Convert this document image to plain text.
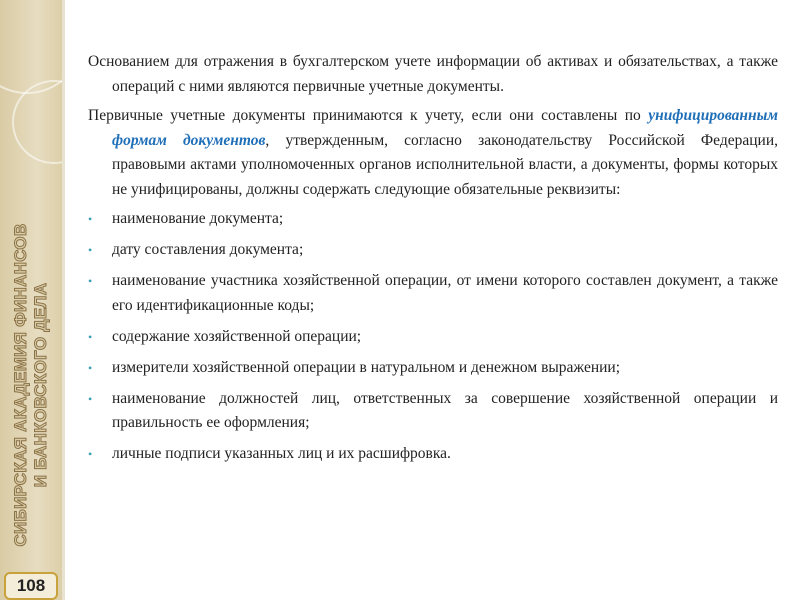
СИБИРСКАЯ АКАДЕМИЯ ФИНАНСОВ И БАНКОВСКОГО ДЕЛА
108

Основанием для отражения в бухгалтерском учете информации об активах и обязательствах, а также операций с ними являются первичные учетные документы.

Первичные учетные документы принимаются к учету, если они составлены по унифицированным формам документов, утвержденным, согласно законодательству Российской Федерации, правовыми актами уполномоченных органов исполнительной власти, а документы, формы которых не унифицированы, должны содержать следующие обязательные реквизиты:

• наименование документа;
• дату составления документа;
• наименование участника хозяйственной операции, от имени которого составлен документ, а также его идентификационные коды;
• содержание хозяйственной операции;
• измерители хозяйственной операции в натуральном и денежном выражении;
• наименование должностей лиц, ответственных за совершение хозяйственной операции и правильность ее оформления;
• личные подписи указанных лиц и их расшифровка.
